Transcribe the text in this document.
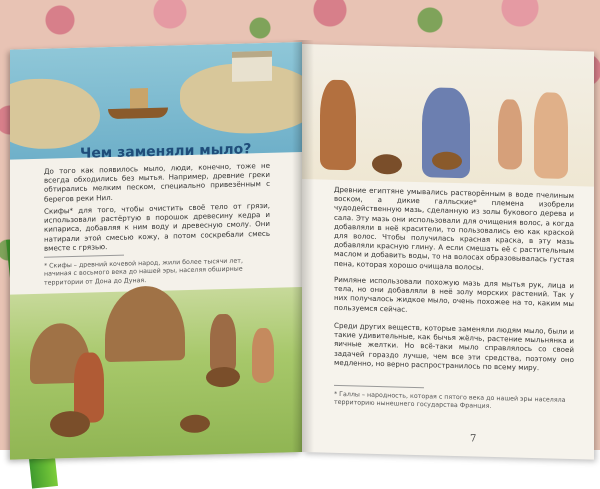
Чем заменяли мыло?
До того как появилось мыло, люди, конечно, тоже не всегда обходились без мытья. Например, древние греки обтирались мелким песком, специально привезённым с берегов реки Нил.
Скифы* для того, чтобы очистить своё тело от грязи, использовали растёртую в порошок древесину кедра и кипариса, добавляя к ним воду и древесную смолу. Они натирали этой смесью кожу, а потом соскребали смесь вместе с грязью.
* Скифы – древний кочевой народ, жили более тысячи лет, начиная с восьмого века до нашей эры, населяя обширные территории от Дона до Дуная.
Древние египтяне умывались растворённым в воде пчелиным воском, а дикие галльские* племена изобрели чудодейственную мазь, сделанную из золы букового дерева и сала. Эту мазь они использовали для очищения волос, а когда добавляли в неё красители, то пользовались ею как краской для волос. Чтобы получилась красная краска, в эту мазь добавляли красную глину. А если смешать её с растительным маслом и добавить воды, то на волосах образовывалась густая пена, которая хорошо очищала волосы.
Римляне использовали похожую мазь для мытья рук, лица и тела, но они добавляли в неё золу морских растений. Так у них получалось жидкое мыло, очень похожее на то, каким мы пользуемся сейчас.
Среди других веществ, которые заменяли людям мыло, были и такие удивительные, как бычья жёлчь, растение мыльнянка и яичные желтки. Но всё-таки мыло справлялось со своей задачей гораздо лучше, чем все эти средства, поэтому оно медленно, но верно распространилось по всему миру.
* Галлы – народность, которая с пятого века до нашей эры населяла территорию нынешнего государства Франция.
7
